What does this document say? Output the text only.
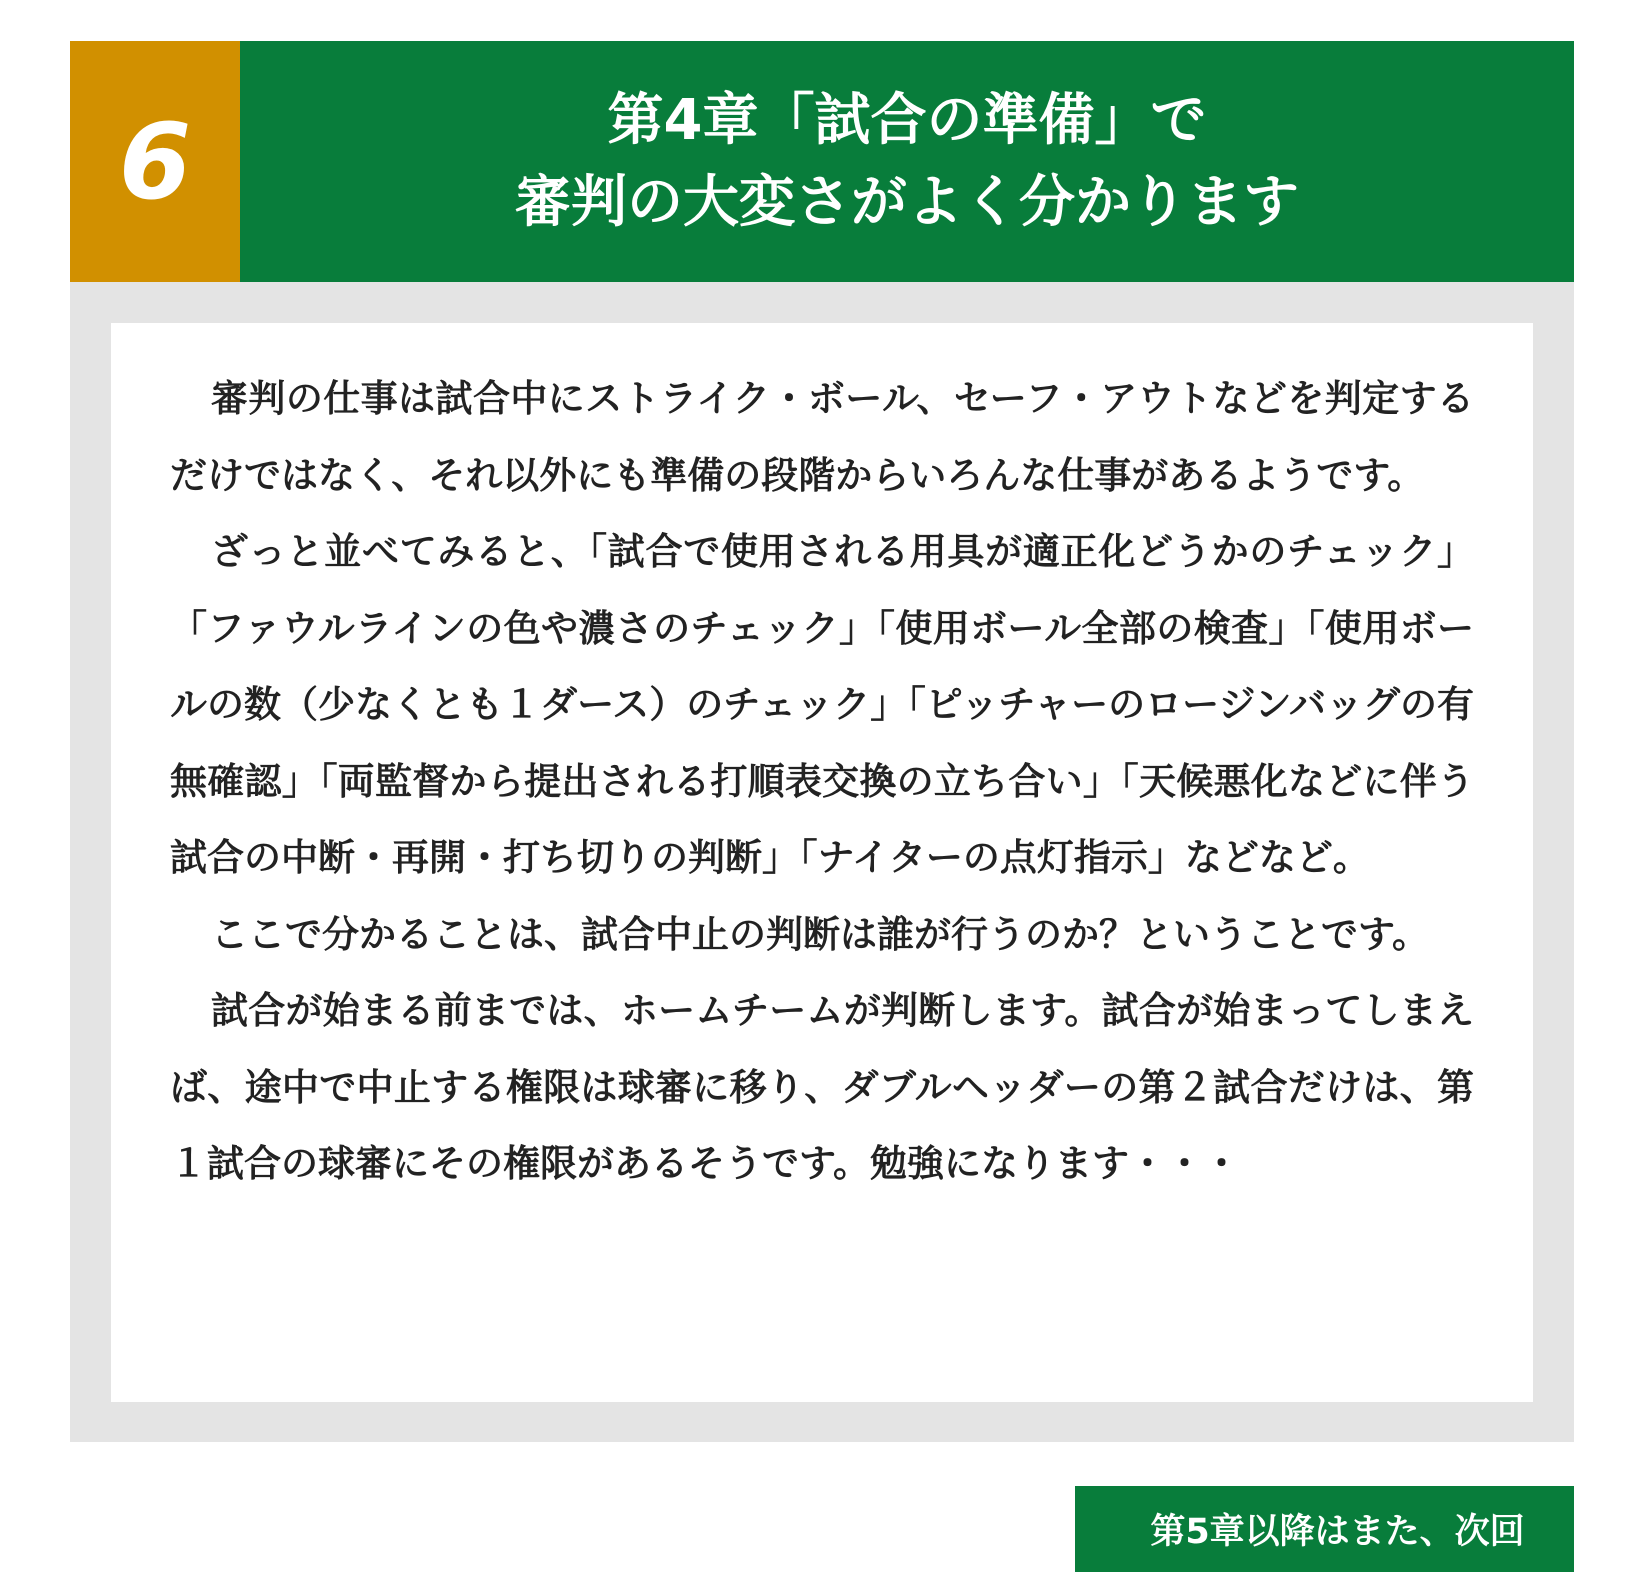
6	第4章「試合の準備」で
審判の大変さがよく分かります

審判の仕事は試合中にストライク・ボール、セーフ・アウトなどを判定するだけではなく、それ以外にも準備の段階からいろんな仕事があるようです。

ざっと並べてみると、「試合で使用される用具が適正化どうかのチェック」「ファウルラインの色や濃さのチェック」「使用ボール全部の検査」「使用ボールの数（少なくとも１ダース）のチェック」「ピッチャーのロージンバッグの有無確認」「両監督から提出される打順表交換の立ち合い」「天候悪化などに伴う試合の中断・再開・打ち切りの判断」「ナイターの点灯指示」などなど。

ここで分かることは、試合中止の判断は誰が行うのか？ということです。

試合が始まる前までは、ホームチームが判断します。試合が始まってしまえば、途中で中止する権限は球審に移り、ダブルヘッダーの第２試合だけは、第１試合の球審にその権限があるそうです。勉強になります・・・

第5章以降はまた、次回
